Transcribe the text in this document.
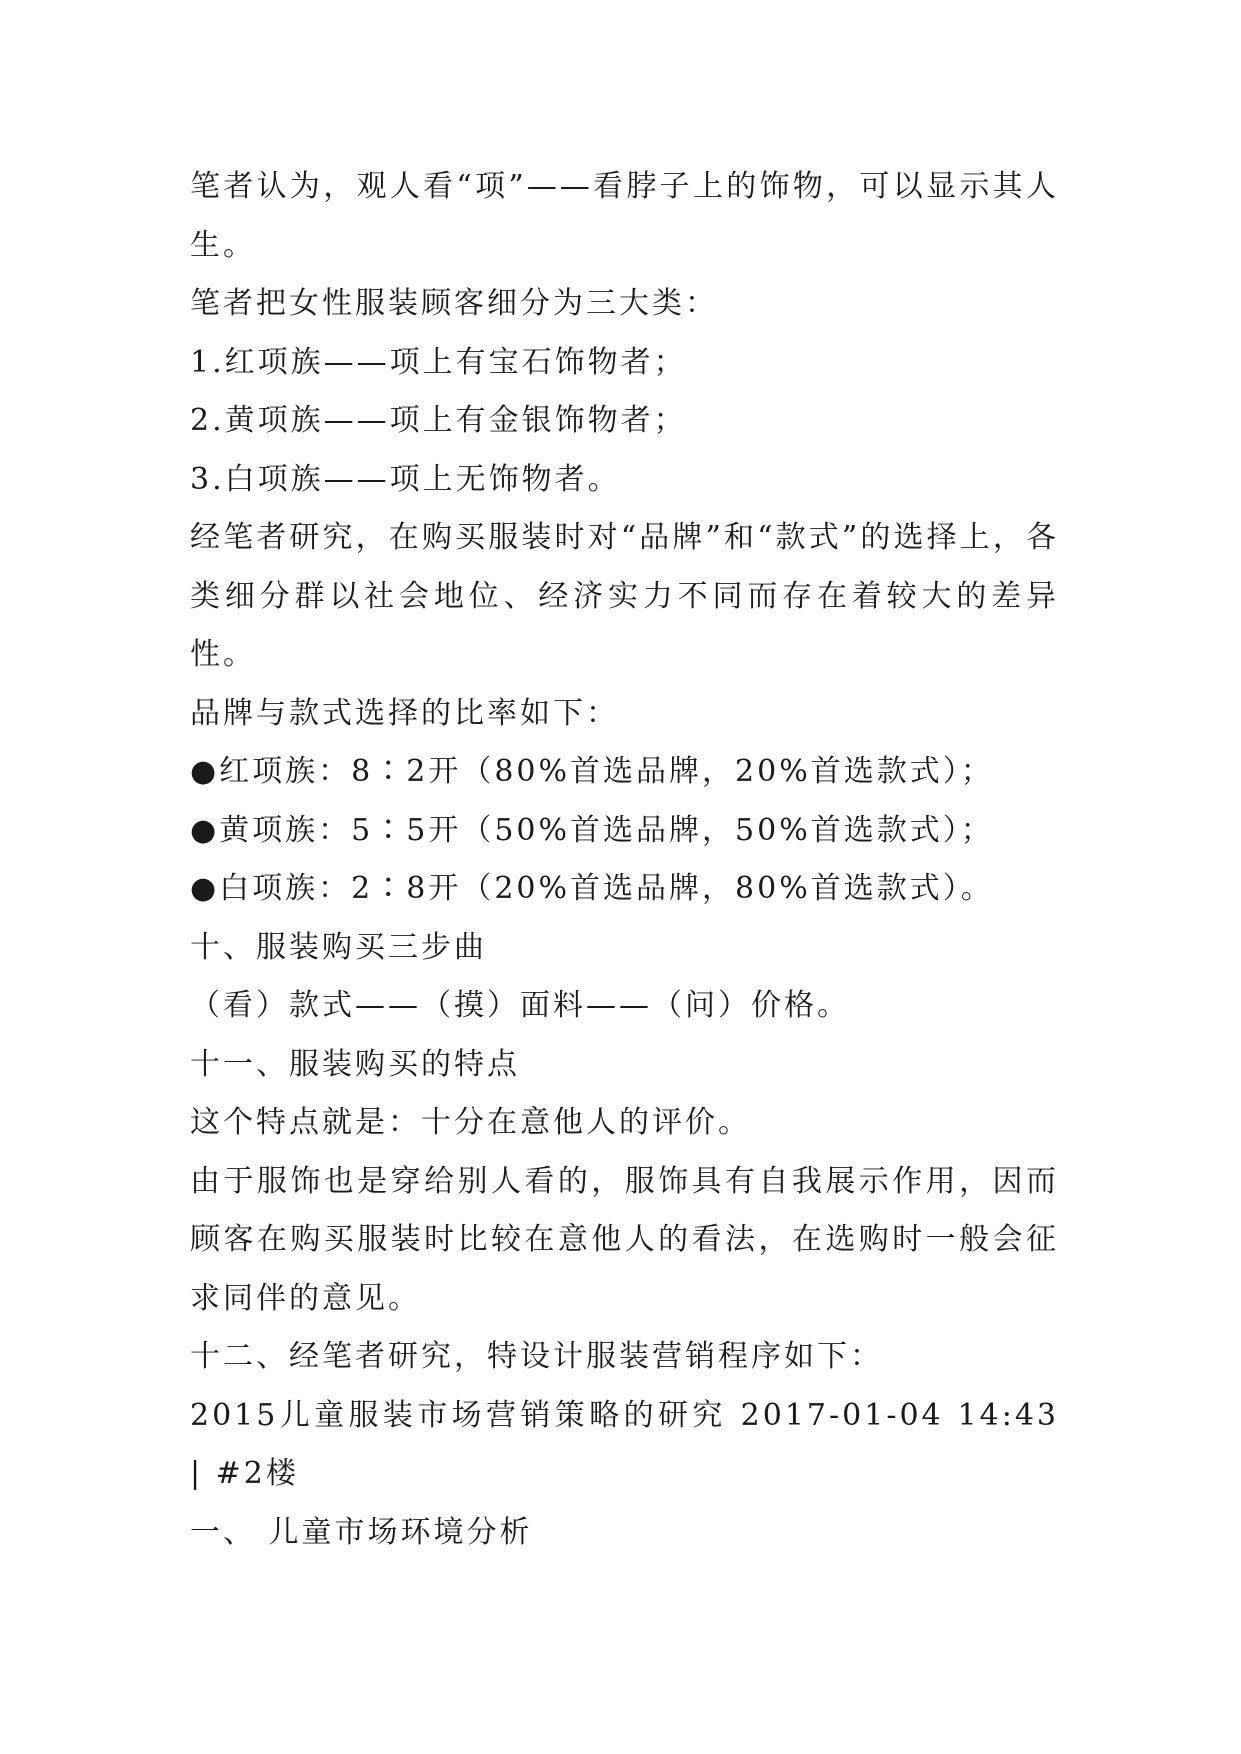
笔者认为，观人看“项”——看脖子上的饰物，可以显示其人生。

笔者把女性服装顾客细分为三大类：

1.红项族——项上有宝石饰物者；

2.黄项族——项上有金银饰物者；

3.白项族——项上无饰物者。

经笔者研究，在购买服装时对“品牌”和“款式”的选择上，各类细分群以社会地位、经济实力不同而存在着较大的差异性。

品牌与款式选择的比率如下：

●红项族：8∶2开（80%首选品牌，20%首选款式）；

●黄项族：5∶5开（50%首选品牌，50%首选款式）；

●白项族：2∶8开（20%首选品牌，80%首选款式）。

十、服装购买三步曲

（看）款式——（摸）面料——（问）价格。

十一、服装购买的特点

这个特点就是：十分在意他人的评价。

由于服饰也是穿给别人看的，服饰具有自我展示作用，因而顾客在购买服装时比较在意他人的看法，在选购时一般会征求同伴的意见。

十二、经笔者研究，特设计服装营销程序如下：

2015儿童服装市场营销策略的研究 2017-01-04 14:43 | #2楼

一、 儿童市场环境分析
